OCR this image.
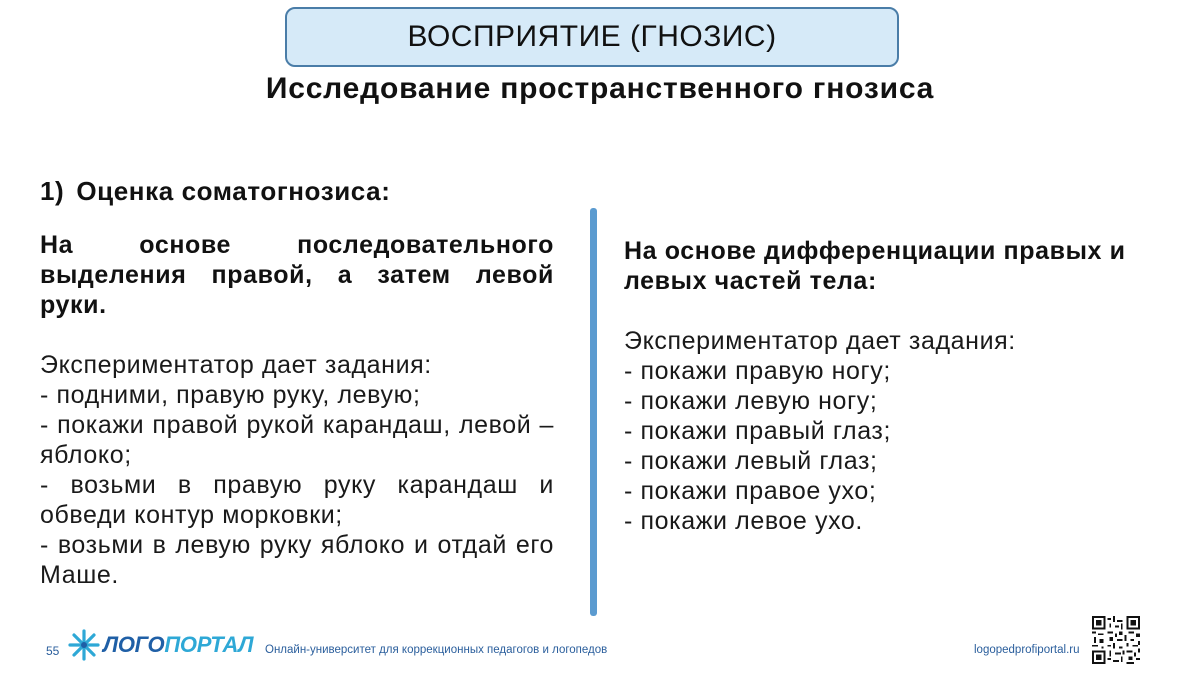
ВОСПРИЯТИЕ (ГНОЗИС)
Исследование пространственного гнозиса
1) Оценка соматогнозиса:

На основе последовательного выделения правой, а затем левой руки.

Экспериментатор дает задания:

- подними, правую руку, левую;
- покажи правой рукой карандаш, левой – яблоко;
- возьми в правую руку карандаш и обведи контур морковки;
- возьми в левую руку яблоко и отдай его Маше.

На основе дифференциации правых и левых частей тела:

Экспериментатор дает задания:

- покажи правую ногу;
- покажи левую ногу;
- покажи правый глаз;
- покажи левый глаз;
- покажи правое ухо;
- покажи левое ухо.
55 ЛОГОПОРТАЛ Онлайн-университет для коррекционных педагогов и логопедов	logopedprofiportal.ru
